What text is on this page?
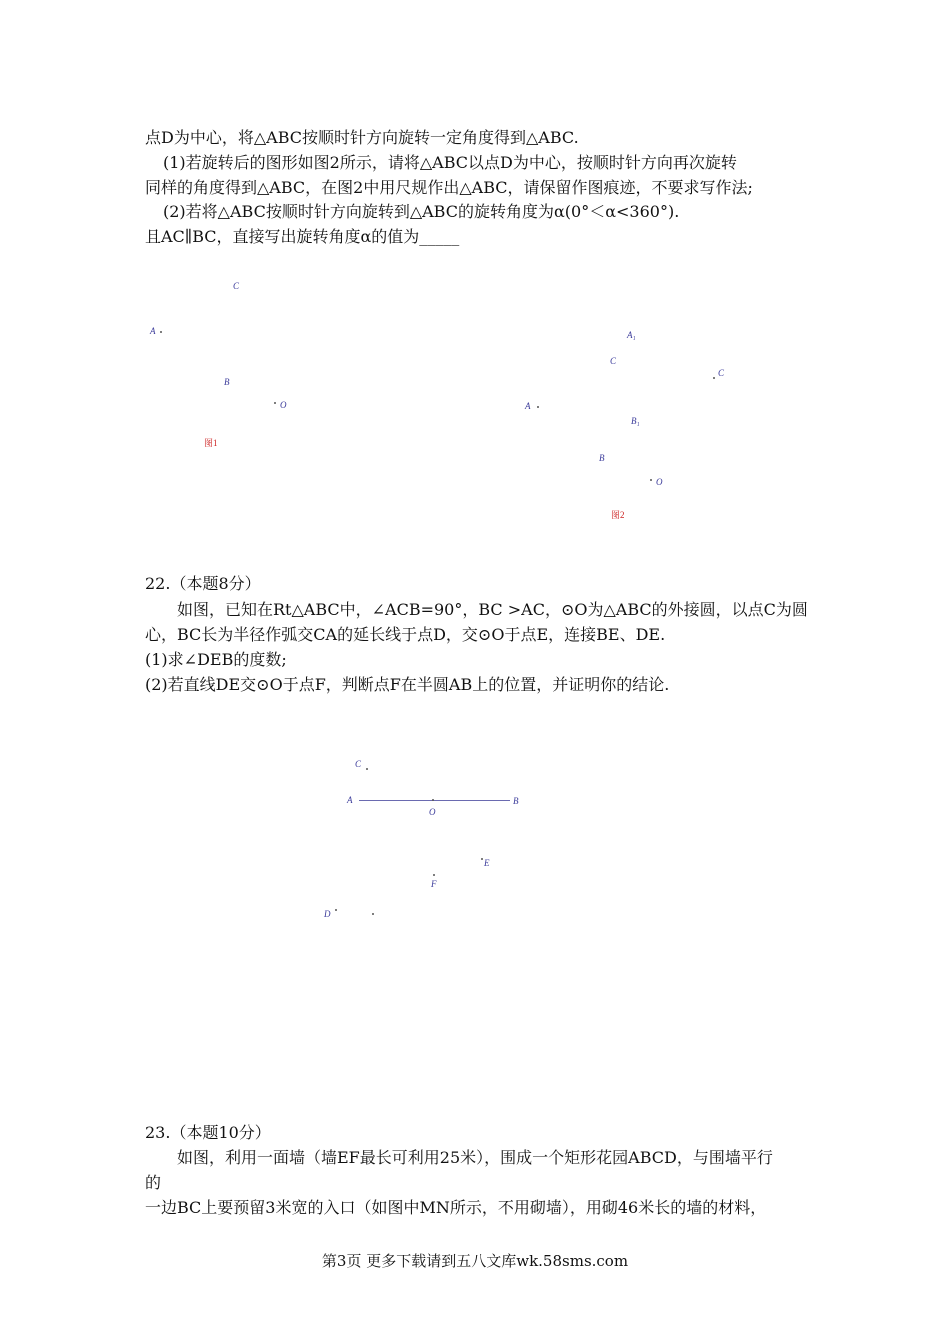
点D为中心，将△ABC按顺时针方向旋转一定角度得到△ABC.
(1)若旋转后的图形如图2所示，请将△ABC以点D为中心，按顺时针方向再次旋转
同样的角度得到△ABC，在图2中用尺规作出△ABC，请保留作图痕迹，不要求写作法;
(2)若将△ABC按顺时针方向旋转到△ABC的旋转角度为α(0°＜α<360°).
且AC∥BC，直接写出旋转角度α的值为_____
C
A
B
O
图1
A₁
C
C
A
B₁
B
O
图2
22.（本题8分）
如图，已知在Rt△ABC中，∠ACB=90°，BC >AC，⊙O为△ABC的外接圆，以点C为圆
心，BC长为半径作弧交CA的延长线于点D，交⊙O于点E，连接BE、DE.
(1)求∠DEB的度数;
(2)若直线DE交⊙O于点F，判断点F在半圆AB上的位置，并证明你的结论.
C
A
O
B
E
F
D
23.（本题10分）
如图，利用一面墙（墙EF最长可利用25米），围成一个矩形花园ABCD，与围墙平行
的
一边BC上要预留3米宽的入口（如图中MN所示，不用砌墙），用砌46米长的墙的材料，
第3页 更多下载请到五八文库wk.58sms.com
